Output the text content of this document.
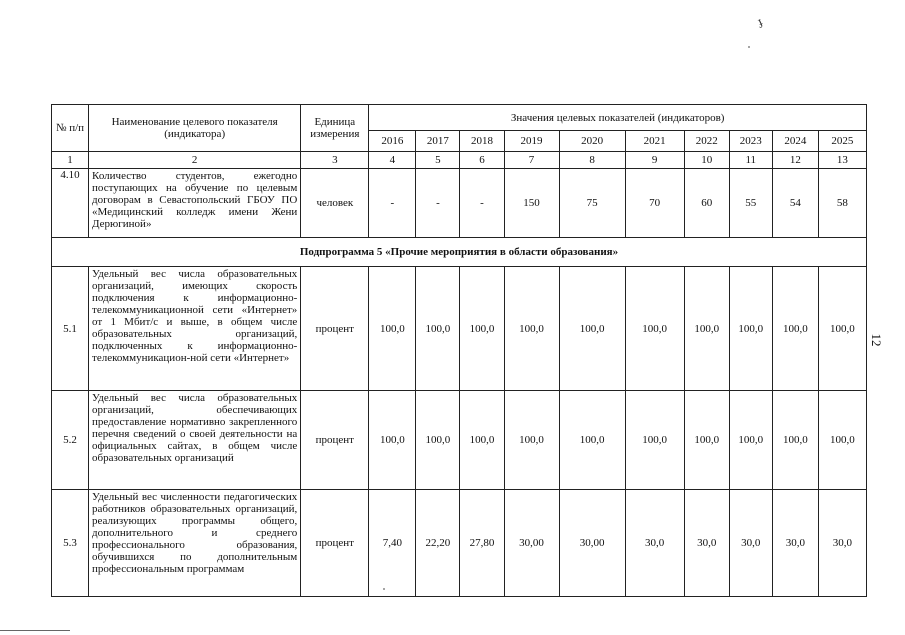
ɟ
12
№ п/п	Наименование целевого показателя (индикатора)	Единица измерения	Значения целевых показателей (индикаторов)									
			2016	2017	2018	2019	2020	2021	2022	2023	2024	2025
1	2	3	4	5	6	7	8	9	10	11	12	13
4.10	Количество студентов, ежегодно поступающих на обучение по целевым договорам в Севастопольский ГБОУ ПО «Медицинский колледж имени Жени Дерюгиной»	человек	-	-	-	150	75	70	60	55	54	58
Подпрограмма 5 «Прочие мероприятия в области образования»												
5.1	Удельный вес числа образовательных организаций, имеющих скорость подключения к информационно-телекоммуникационной сети «Интернет» от 1 Мбит/с и выше, в общем числе образовательных организаций, подключенных к информационно-телекоммуникацион-ной сети «Интернет»	процент	100,0	100,0	100,0	100,0	100,0	100,0	100,0	100,0	100,0	100,0
5.2	Удельный вес числа образовательных организаций, обеспечивающих предоставление нормативно закрепленного перечня сведений о своей деятельности на официальных сайтах, в общем числе образовательных организаций	процент	100,0	100,0	100,0	100,0	100,0	100,0	100,0	100,0	100,0	100,0
5.3	Удельный вес численности педагогических работников образовательных организаций, реализующих программы общего, дополнительного и среднего профессионального образования, обучившихся по дополнительным профессиональным программам	процент	7,40	22,20	27,80	30,00	30,00	30,0	30,0	30,0	30,0	30,0
